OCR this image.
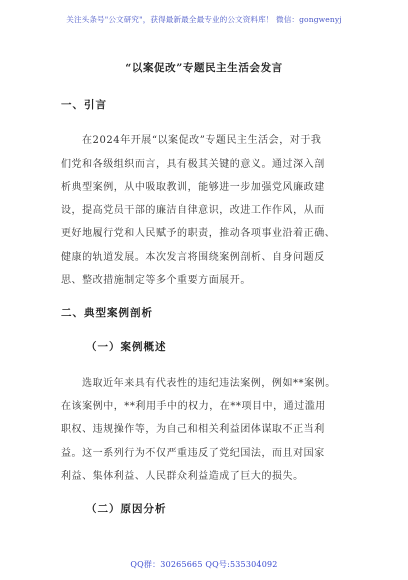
关注头条号"公文研究"，获得最新最全最专业的公文资料库！ 微信：gongwenyj
“以案促改”专题民主生活会发言
一、引言
在2024年开展“以案促改”专题民主生活会，对于我
们党和各级组织而言，具有极其关键的意义。通过深入剖
析典型案例，从中吸取教训，能够进一步加强党风廉政建
设，提高党员干部的廉洁自律意识，改进工作作风，从而
更好地履行党和人民赋予的职责，推动各项事业沿着正确、
健康的轨道发展。本次发言将围绕案例剖析、自身问题反
思、整改措施制定等多个重要方面展开。
二、典型案例剖析
（一）案例概述
选取近年来具有代表性的违纪违法案例，例如**案例。
在该案例中，**利用手中的权力，在**项目中，通过滥用
职权、违规操作等，为自己和相关利益团体谋取不正当利
益。这一系列行为不仅严重违反了党纪国法，而且对国家
利益、集体利益、人民群众利益造成了巨大的损失。
（二）原因分析
QQ群：30265665 QQ号:535304092
